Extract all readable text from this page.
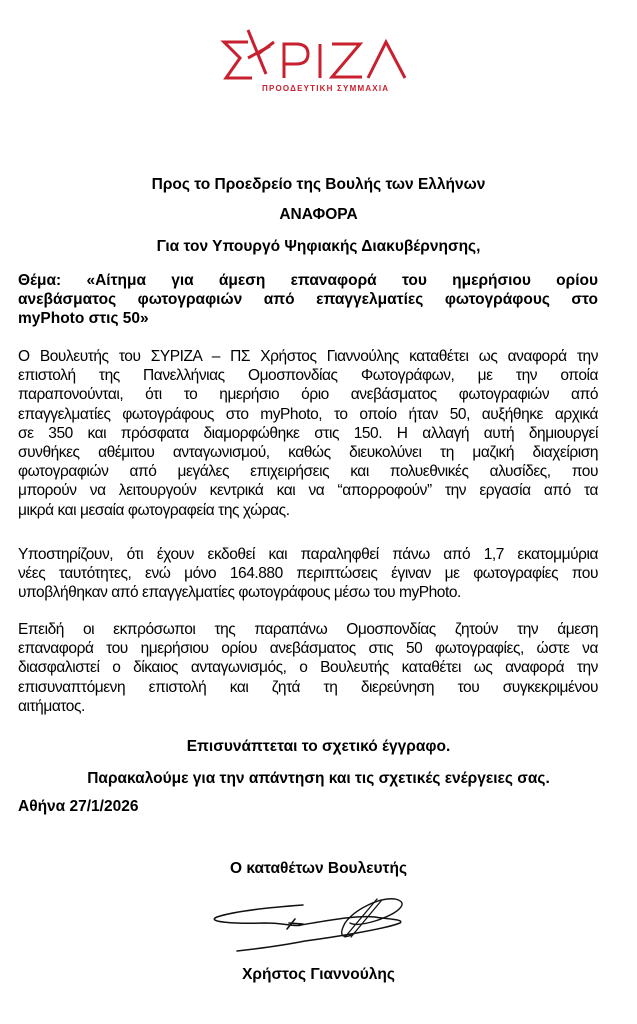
ΠΡΟΟΔΕΥΤΙΚΗ ΣΥΜΜΑΧΙΑ
Προς το Προεδρείο της Βουλής των Ελλήνων
ΑΝΑΦΟΡΑ
Για τον Υπουργό Ψηφιακής Διακυβέρνησης,
Θέμα: «Αίτημα για άμεση επαναφορά του ημερήσιου ορίου
ανεβάσματος φωτογραφιών από επαγγελματίες φωτογράφους στο
myPhoto στις 50»
Ο Βουλευτής του ΣΥΡΙΖΑ – ΠΣ Χρήστος Γιαννούλης καταθέτει ως αναφορά την
επιστολή της Πανελλήνιας Ομοσπονδίας Φωτογράφων, με την οποία
παραπονούνται, ότι το ημερήσιο όριο ανεβάσματος φωτογραφιών από
επαγγελματίες φωτογράφους στο myPhoto, το οποίο ήταν 50, αυξήθηκε αρχικά
σε 350 και πρόσφατα διαμορφώθηκε στις 150. Η αλλαγή αυτή δημιουργεί
συνθήκες αθέμιτου ανταγωνισμού, καθώς διευκολύνει τη μαζική διαχείριση
φωτογραφιών από μεγάλες επιχειρήσεις και πολυεθνικές αλυσίδες, που
μπορούν να λειτουργούν κεντρικά και να “απορροφούν” την εργασία από τα
μικρά και μεσαία φωτογραφεία της χώρας.
Υποστηρίζουν, ότι έχουν εκδοθεί και παραληφθεί πάνω από 1,7 εκατομμύρια
νέες ταυτότητες, ενώ μόνο 164.880 περιπτώσεις έγιναν με φωτογραφίες που
υποβλήθηκαν από επαγγελματίες φωτογράφους μέσω του myPhoto.
Επειδή οι εκπρόσωποι της παραπάνω Ομοσπονδίας ζητούν την άμεση
επαναφορά του ημερήσιου ορίου ανεβάσματος στις 50 φωτογραφίες, ώστε να
διασφαλιστεί ο δίκαιος ανταγωνισμός, ο Βουλευτής καταθέτει ως αναφορά την
επισυναπτόμενη επιστολή και ζητά τη διερεύνηση του συγκεκριμένου
αιτήματος.
Επισυνάπτεται το σχετικό έγγραφο.
Παρακαλούμε για την απάντηση και τις σχετικές ενέργειες σας.
Αθήνα 27/1/2026
Ο καταθέτων Βουλευτής
Χρήστος Γιαννούλης
